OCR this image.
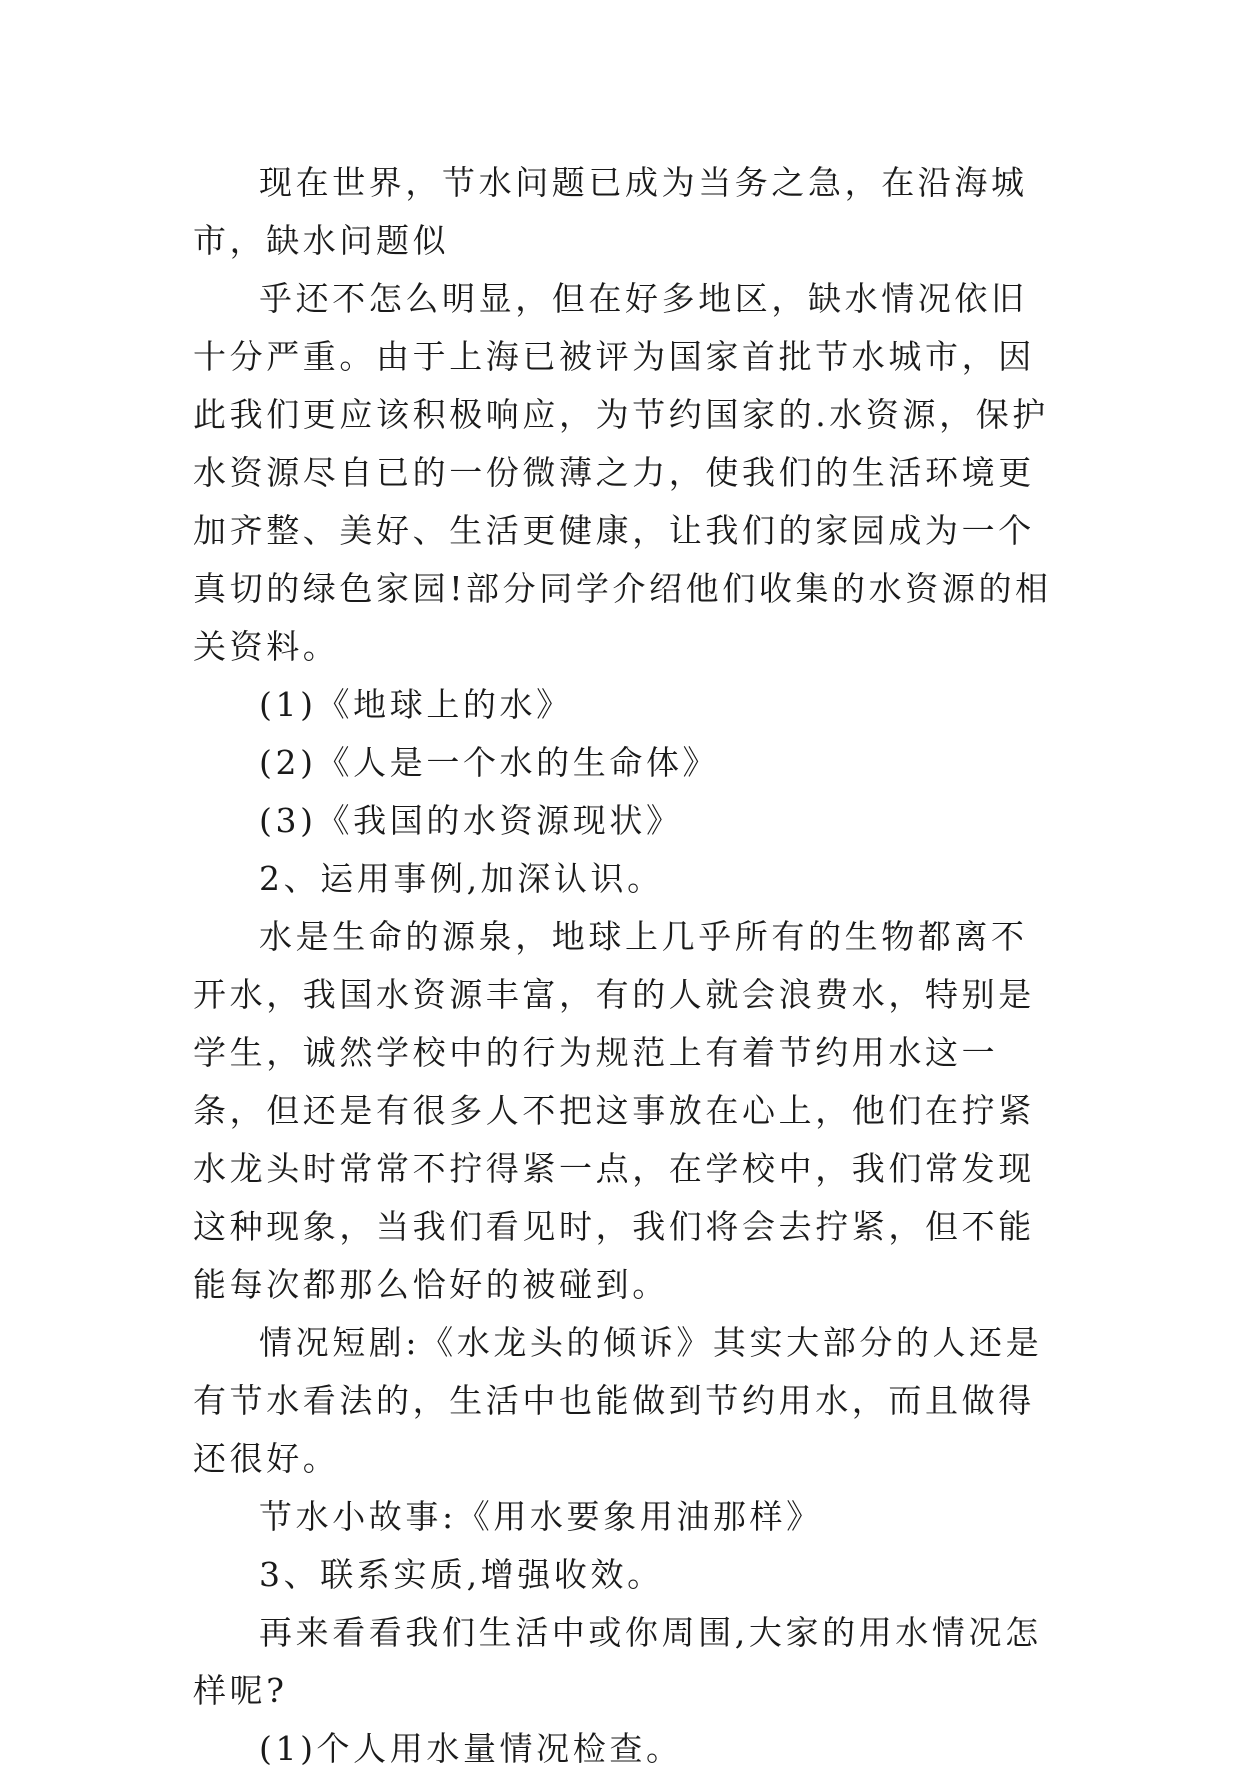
现在世界，节水问题已成为当务之急，在沿海城市，缺水问题似

乎还不怎么明显，但在好多地区，缺水情况依旧十分严重。由于上海已被评为国家首批节水城市，因此我们更应该积极响应，为节约国家的.水资源，保护水资源尽自已的一份微薄之力，使我们的生活环境更加齐整、美好、生活更健康，让我们的家园成为一个真切的绿色家园!部分同学介绍他们收集的水资源的相关资料。

(1)《地球上的水》

(2)《人是一个水的生命体》

(3)《我国的水资源现状》

2、运用事例,加深认识。

水是生命的源泉，地球上几乎所有的生物都离不开水，我国水资源丰富，有的人就会浪费水，特别是学生，诚然学校中的行为规范上有着节约用水这一条，但还是有很多人不把这事放在心上，他们在拧紧水龙头时常常不拧得紧一点，在学校中，我们常发现这种现象，当我们看见时，我们将会去拧紧，但不能能每次都那么恰好的被碰到。

情况短剧:《水龙头的倾诉》其实大部分的人还是有节水看法的，生活中也能做到节约用水，而且做得还很好。

节水小故事:《用水要象用油那样》

3、联系实质,增强收效。

再来看看我们生活中或你周围,大家的用水情况怎样呢?

(1)个人用水量情况检查。
